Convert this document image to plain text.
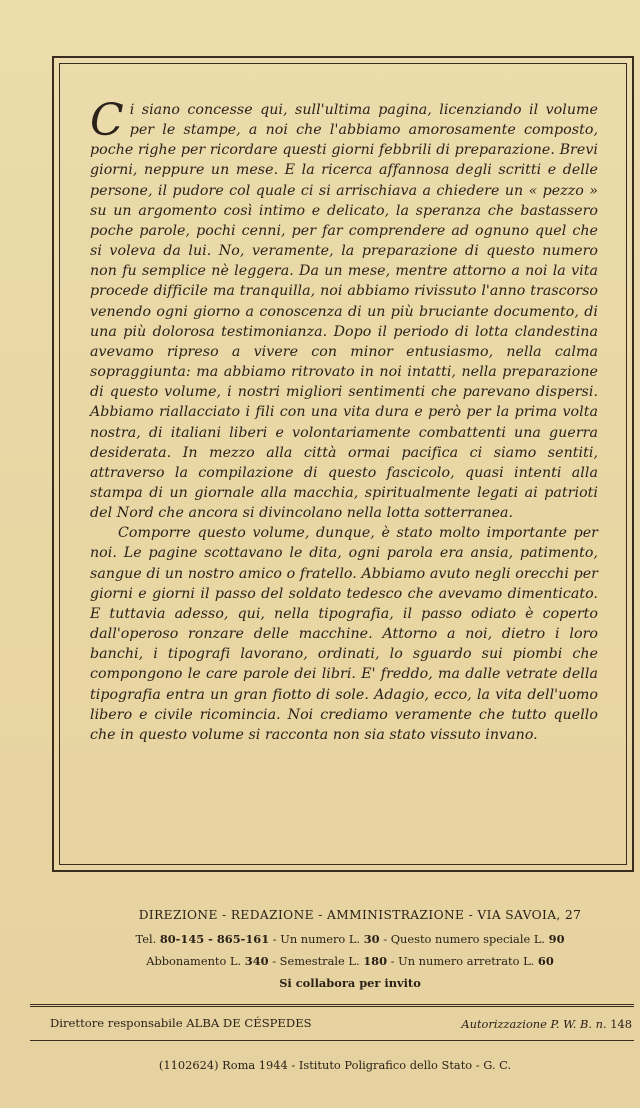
Ci siano concesse qui, sull'ultima pagina, licenziando il volume per le stampe, a noi che l'abbiamo amorosamente composto, poche righe per ricordare questi giorni febbrili di preparazione. Brevi giorni, neppure un mese. E la ricerca affannosa degli scritti e delle persone, il pudore col quale ci si arrischiava a chiedere un « pezzo » su un argomento così intimo e delicato, la speranza che bastassero poche parole, pochi cenni, per far comprendere ad ognuno quel che si voleva da lui. No, veramente, la preparazione di questo numero non fu semplice nè leggera. Da un mese, mentre attorno a noi la vita procede difficile ma tranquilla, noi abbiamo rivissuto l'anno trascorso venendo ogni giorno a conoscenza di un più bruciante documento, di una più dolorosa testimonianza. Dopo il periodo di lotta clandestina avevamo ripreso a vivere con minor entusiasmo, nella calma sopraggiunta: ma abbiamo ritrovato in noi intatti, nella preparazione di questo volume, i nostri migliori sentimenti che parevano dispersi. Abbiamo riallacciato i fili con una vita dura e però per la prima volta nostra, di italiani liberi e volontariamente combattenti una guerra desiderata. In mezzo alla città ormai pacifica ci siamo sentiti, attraverso la compilazione di questo fascicolo, quasi intenti alla stampa di un giornale alla macchia, spiritualmente legati ai patrioti del Nord che ancora si divincolano nella lotta sotterranea.

Comporre questo volume, dunque, è stato molto importante per noi. Le pagine scottavano le dita, ogni parola era ansia, patimento, sangue di un nostro amico o fratello. Abbiamo avuto negli orecchi per giorni e giorni il passo del soldato tedesco che avevamo dimenticato. E tuttavia adesso, qui, nella tipografia, il passo odiato è coperto dall'operoso ronzare delle macchine. Attorno a noi, dietro i loro banchi, i tipografi lavorano, ordinati, lo sguardo sui piombi che compongono le care parole dei libri. E' freddo, ma dalle vetrate della tipografia entra un gran fiotto di sole. Adagio, ecco, la vita dell'uomo libero e civile ricomincia. Noi crediamo veramente che tutto quello che in questo volume si racconta non sia stato vissuto invano.

DIREZIONE - REDAZIONE - AMMINISTRAZIONE - VIA SAVOIA, 27
Tel. 80-145 - 865-161 - Un numero L. 30 - Questo numero speciale L. 90
Abbonamento L. 340 - Semestrale L. 180 - Un numero arretrato L. 60
Si collabora per invito
Direttore responsabile ALBA DE CÉSPEDES	Autorizzazione P. W. B. n. 148
(1102624) Roma 1944 - Istituto Poligrafico dello Stato - G. C.
